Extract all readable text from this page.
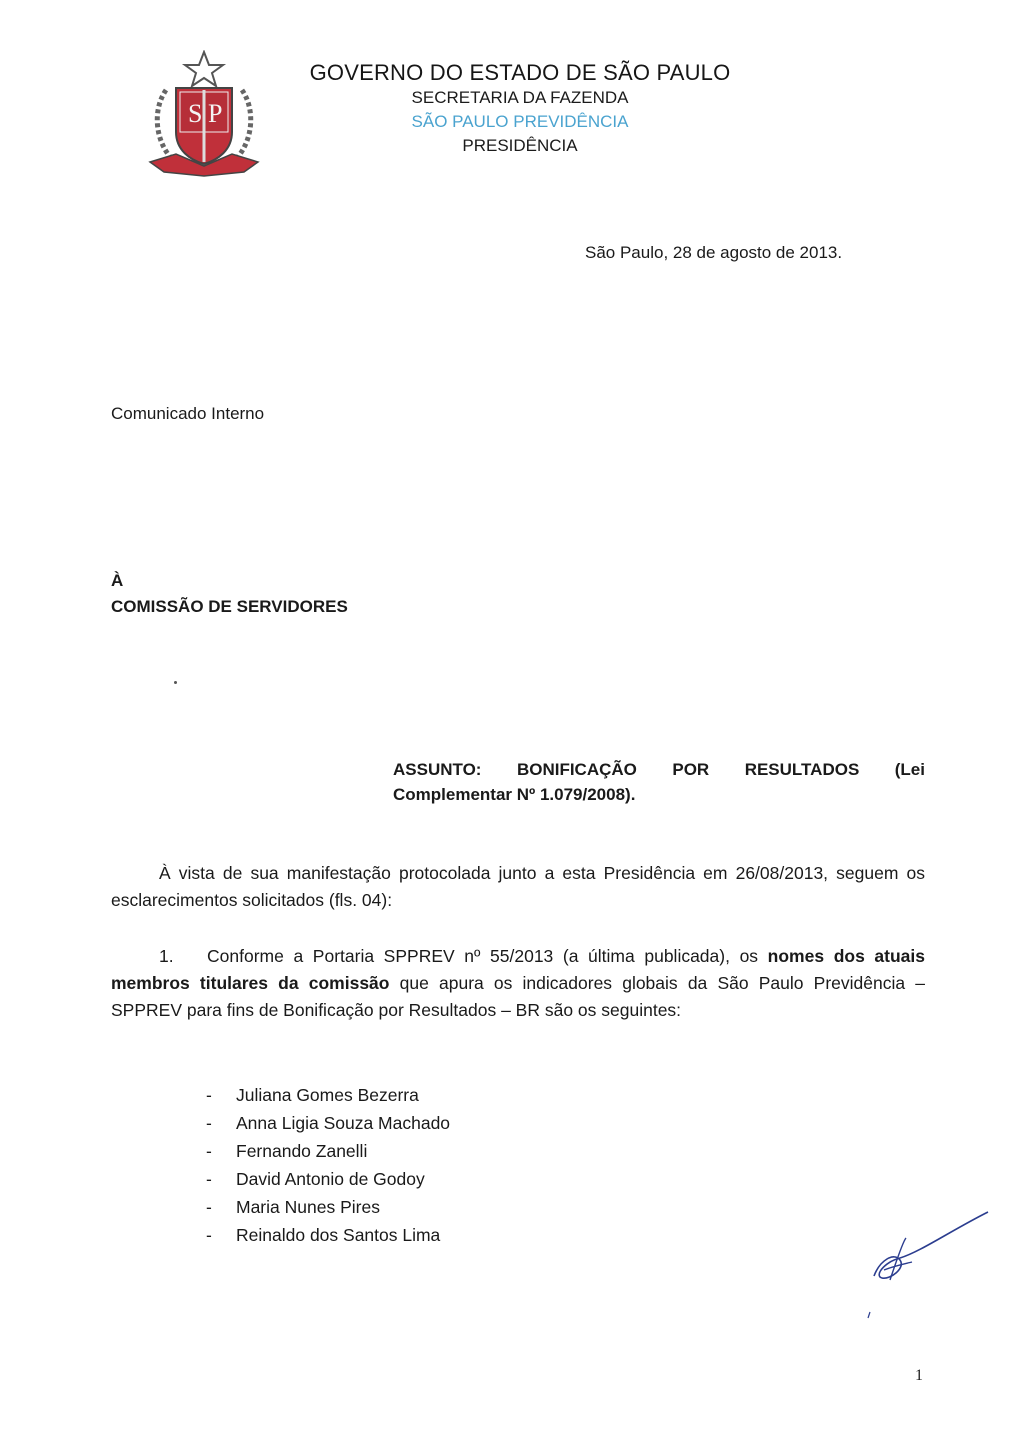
S P
GOVERNO DO ESTADO DE SÃO PAULO
SECRETARIA DA FAZENDA
SÃO PAULO PREVIDÊNCIA
PRESIDÊNCIA
São Paulo, 28 de agosto de 2013.
Comunicado Interno
À
COMISSÃO DE SERVIDORES
ASSUNTO: BONIFICAÇÃO POR RESULTADOS (Lei
Complementar Nº 1.079/2008).
À vista de sua manifestação protocolada junto a esta Presidência em 26/08/2013, seguem os esclarecimentos solicitados (fls. 04):
1. Conforme a Portaria SPPREV nº 55/2013 (a última publicada), os nomes dos atuais membros titulares da comissão que apura os indicadores globais da São Paulo Previdência – SPPREV para fins de Bonificação por Resultados – BR são os seguintes:
-	Juliana Gomes Bezerra
-	Anna Ligia Souza Machado
-	Fernando Zanelli
-	David Antonio de Godoy
-	Maria Nunes Pires
-	Reinaldo dos Santos Lima
1
